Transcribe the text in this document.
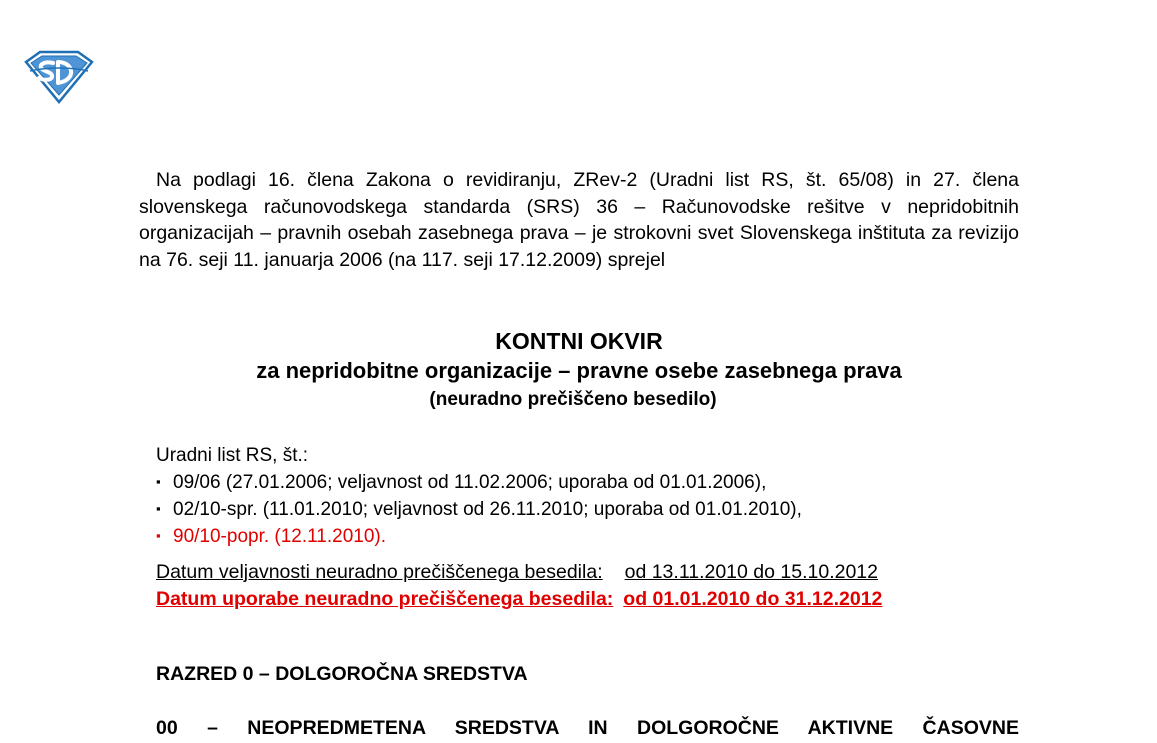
Na podlagi 16. člena Zakona o revidiranju, ZRev-2 (Uradni list RS, št. 65/08) in 27. člena slovenskega računovodskega standarda (SRS) 36 – Računovodske rešitve v nepridobitnih organizacijah – pravnih osebah zasebnega prava – je strokovni svet Slovenskega inštituta za revizijo na 76. seji 11. januarja 2006 (na 117. seji 17.12.2009) sprejel

KONTNI OKVIR

za nepridobitne organizacije – pravne osebe zasebnega prava

(neuradno prečiščeno besedilo)

Uradni list RS, št.:
▪ 09/06 (27.01.2006; veljavnost od 11.02.2006; uporaba od 01.01.2006),
▪ 02/10-spr. (11.01.2010; veljavnost od 26.11.2010; uporaba od 01.01.2010),
▪ 90/10-popr. (12.11.2010).
Datum veljavnosti neuradno prečiščenega besedila: od 13.11.2010 do 15.10.2012
Datum uporabe neuradno prečiščenega besedila: od 01.01.2010 do 31.12.2012

RAZRED 0 – DOLGOROČNA SREDSTVA

00 – NEOPREDMETENA SREDSTVA IN DOLGOROČNE AKTIVNE ČASOVNE
